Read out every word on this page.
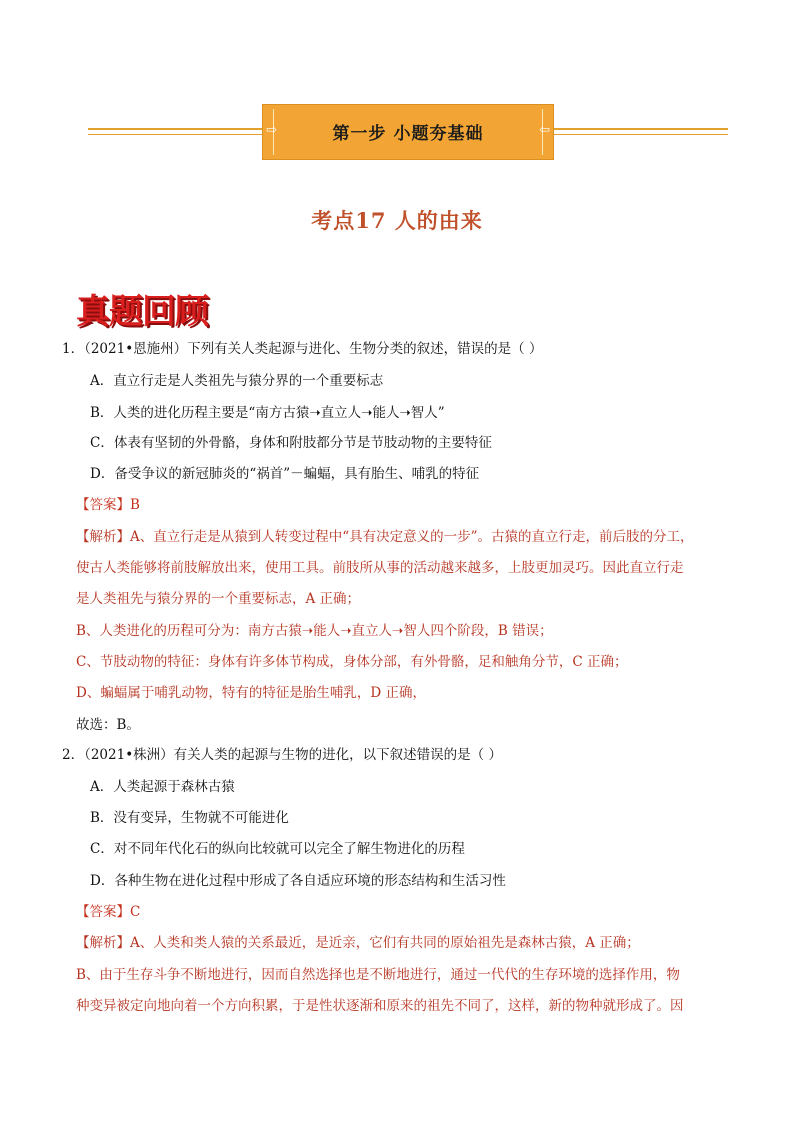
⇨	第一步 小题夯基础	⇦
考点17 人的由来
真题回顾
1．（2021•恩施州）下列有关人类起源与进化、生物分类的叙述，错误的是（ ）
A．直立行走是人类祖先与猿分界的一个重要标志
B．人类的进化历程主要是“南方古猿➝直立人➝能人➝智人”
C．体表有坚韧的外骨骼，身体和附肢都分节是节肢动物的主要特征
D．备受争议的新冠肺炎的“祸首”－蝙蝠，具有胎生、哺乳的特征
【答案】B
【解析】A、直立行走是从猿到人转变过程中“具有决定意义的一步”。古猿的直立行走，前后肢的分工，
使古人类能够将前肢解放出来，使用工具。前肢所从事的活动越来越多，上肢更加灵巧。因此直立行走
是人类祖先与猿分界的一个重要标志，A 正确；
B、人类进化的历程可分为：南方古猿➝能人➝直立人➝智人四个阶段，B 错误；
C、节肢动物的特征：身体有许多体节构成，身体分部，有外骨骼，足和触角分节，C 正确；
D、蝙蝠属于哺乳动物，特有的特征是胎生哺乳，D 正确，
故选：B。
2．（2021•株洲）有关人类的起源与生物的进化，以下叙述错误的是（ ）
A．人类起源于森林古猿
B．没有变异，生物就不可能进化
C．对不同年代化石的纵向比较就可以完全了解生物进化的历程
D．各种生物在进化过程中形成了各自适应环境的形态结构和生活习性
【答案】C
【解析】A、人类和类人猿的关系最近，是近亲，它们有共同的原始祖先是森林古猿，A 正确；
B、由于生存斗争不断地进行，因而自然选择也是不断地进行，通过一代代的生存环境的选择作用，物
种变异被定向地向着一个方向积累，于是性状逐渐和原来的祖先不同了，这样，新的物种就形成了。因
